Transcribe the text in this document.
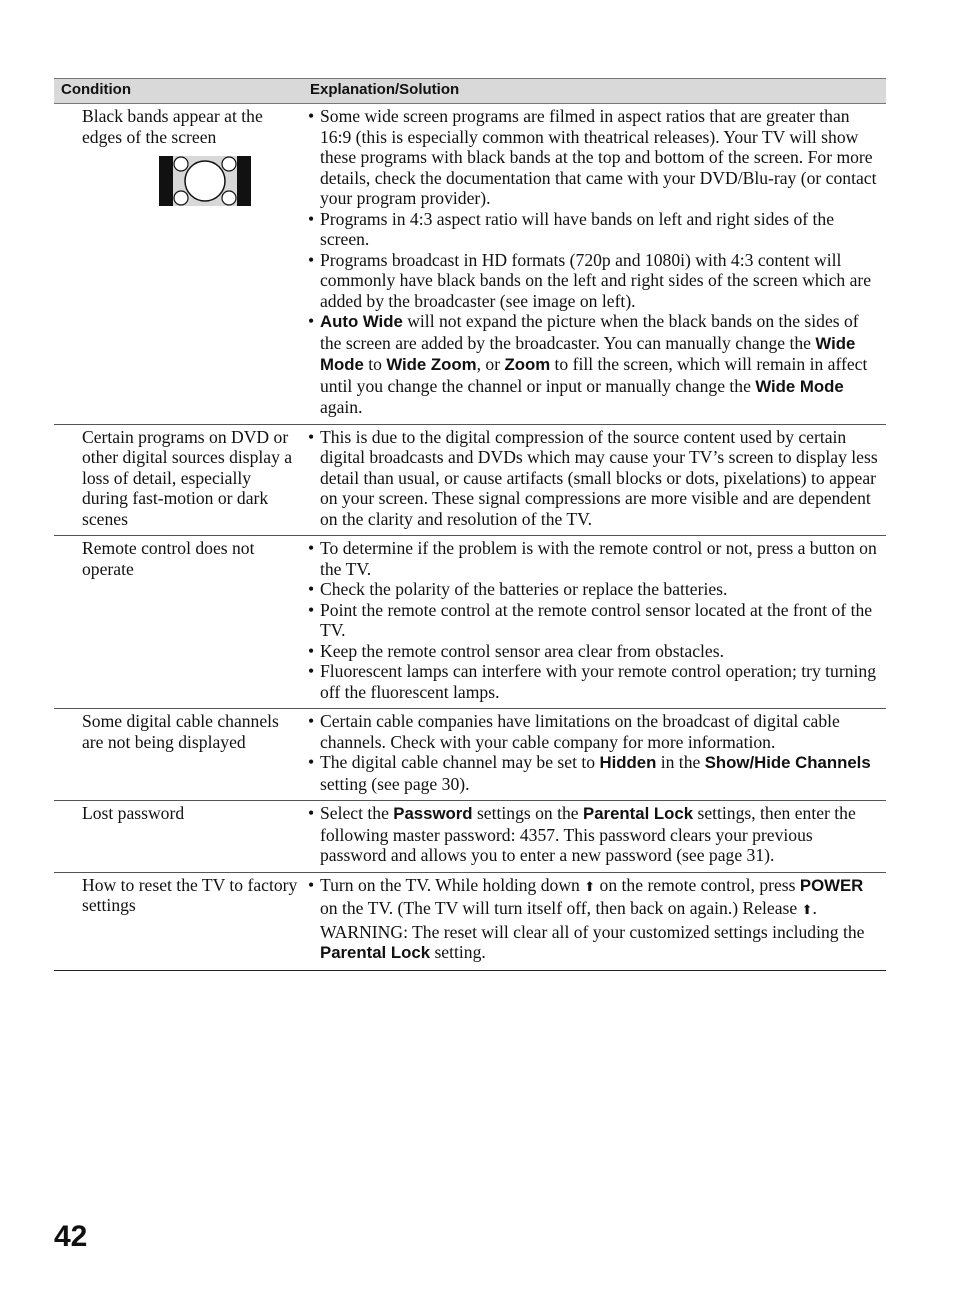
Condition	Explanation/Solution
Black bands appear at the edges of the screen
• Some wide screen programs are filmed in aspect ratios that are greater than 16:9 (this is especially common with theatrical releases). Your TV will show these programs with black bands at the top and bottom of the screen. For more details, check the documentation that came with your DVD/Blu-ray (or contact your program provider).
• Programs in 4:3 aspect ratio will have bands on left and right sides of the screen.
• Programs broadcast in HD formats (720p and 1080i) with 4:3 content will commonly have black bands on the left and right sides of the screen which are added by the broadcaster (see image on left).
• Auto Wide will not expand the picture when the black bands on the sides of the screen are added by the broadcaster. You can manually change the Wide Mode to Wide Zoom, or Zoom to fill the screen, which will remain in affect until you change the channel or input or manually change the Wide Mode again.
Certain programs on DVD or other digital sources display a loss of detail, especially during fast-motion or dark scenes
• This is due to the digital compression of the source content used by certain digital broadcasts and DVDs which may cause your TV’s screen to display less detail than usual, or cause artifacts (small blocks or dots, pixelations) to appear on your screen. These signal compressions are more visible and are dependent on the clarity and resolution of the TV.
Remote control does not operate
• To determine if the problem is with the remote control or not, press a button on the TV.
• Check the polarity of the batteries or replace the batteries.
• Point the remote control at the remote control sensor located at the front of the TV.
• Keep the remote control sensor area clear from obstacles.
• Fluorescent lamps can interfere with your remote control operation; try turning off the fluorescent lamps.
Some digital cable channels are not being displayed
• Certain cable companies have limitations on the broadcast of digital cable channels. Check with your cable company for more information.
• The digital cable channel may be set to Hidden in the Show/Hide Channels setting (see page 30).
Lost password	• Select the Password settings on the Parental Lock settings, then enter the following master password: 4357. This password clears your previous password and allows you to enter a new password (see page 31).
How to reset the TV to factory settings
• Turn on the TV. While holding down ⬆ on the remote control, press POWER on the TV. (The TV will turn itself off, then back on again.) Release ⬆.
WARNING: The reset will clear all of your customized settings including the Parental Lock setting.
42
